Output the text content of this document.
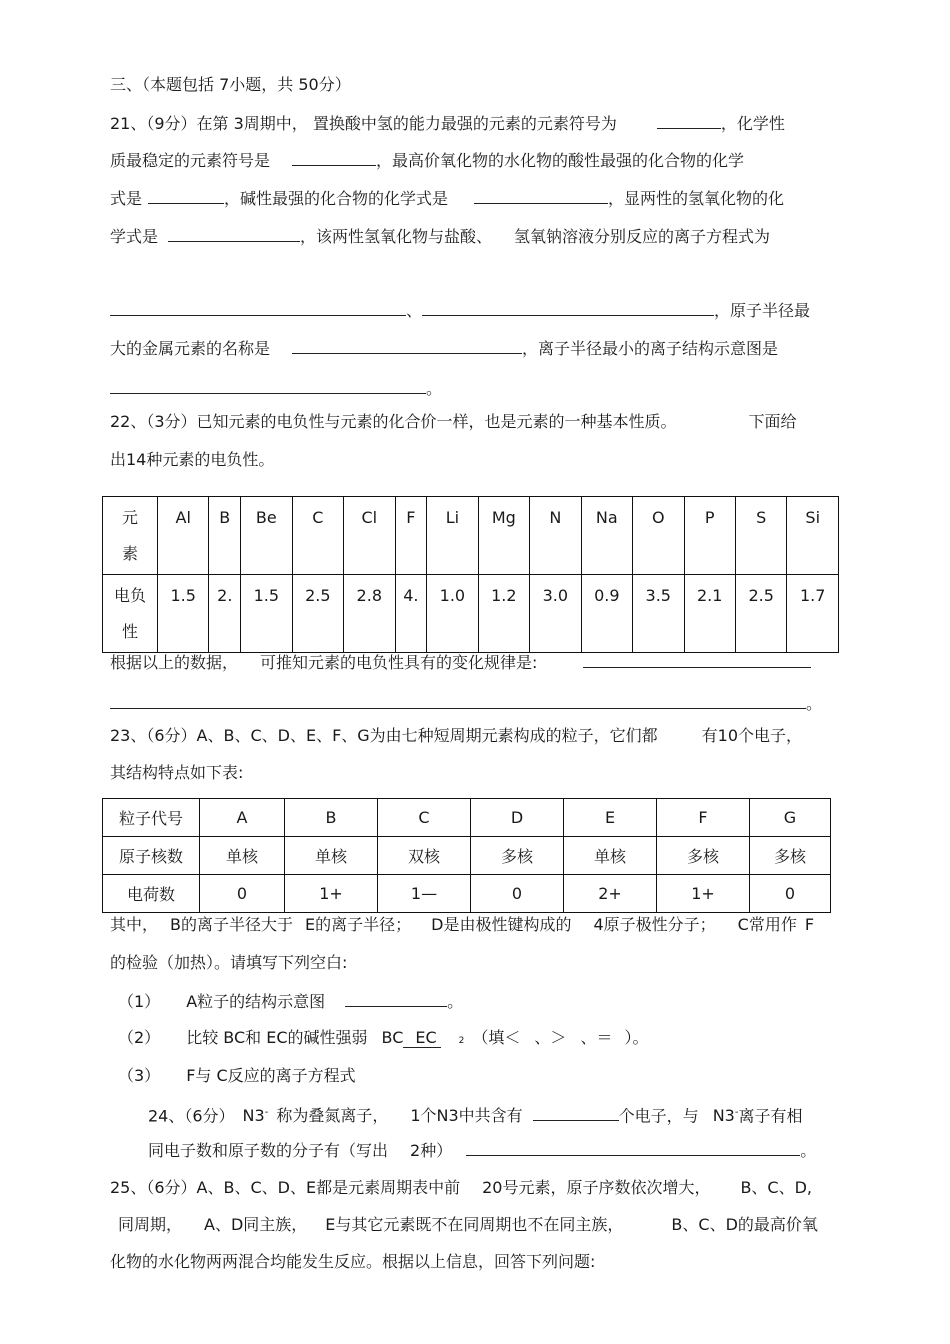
三、（本题包括 7小题，共 50分）
21、（9分）在第 3周期中， 置换酸中氢的能力最强的元素的元素符号为	，化学性
质最稳定的元素符号是	，最高价氧化物的水化物的酸性最强的化合物的化学
式是	，碱性最强的化合物的化学式是	，显两性的氢氧化物的化
学式是	，该两性氢氧化物与盐酸、 氢氧钠溶液分别反应的离子方程式为
、	，原子半径最
大的金属元素的名称是	，离子半径最小的离子结构示意图是
。
22、（3分）已知元素的电负性与元素的化合价一样，也是元素的一种基本性质。	下面给
出14种元素的电负性。
元
素	Al	B	Be	C	Cl	F	Li	Mg	N	Na	O	P	S	Si
电负
性	1.5	2.	1.5	2.5	2.8	4.	1.0	1.2	3.0	0.9	3.5	2.1	2.5	1.7
根据以上的数据， 可推知元素的电负性具有的变化规律是:
。
23、（6分）A、B、C、D、E、F、G为由七种短周期元素构成的粒子，它们都	有10个电子，
其结构特点如下表:
粒子代号	A	B	C	D	E	F	G
原子核数	单核	单核	双核	多核	单核	多核	多核
电荷数	0	1+	1—	0	2+	1+	0
其中， B的离子半径大于 E的离子半径； D是由极性键构成的 4原子极性分子； C常用作 F
的检验（加热）。请填写下列空白:
（1） A粒子的结构示意图	。
（2） 比较 BC和 EC的碱性强弱 BC EC 2 （填＜ 、＞ 、＝ ）。
（3） F与 C反应的离子方程式
24、（6分） N3- 称为叠氮离子， 1个N3中共含有	个电子，与 N3-离子有相
同电子数和原子数的分子有（写出 2种）	。
25、（6分）A、B、C、D、E都是元素周期表中前 20号元素，原子序数依次增大， B、C、D,
同周期， A、D同主族， E与其它元素既不在同周期也不在同主族，	B、C、D的最高价氧
化物的水化物两两混合均能发生反应。根据以上信息，回答下列问题:
